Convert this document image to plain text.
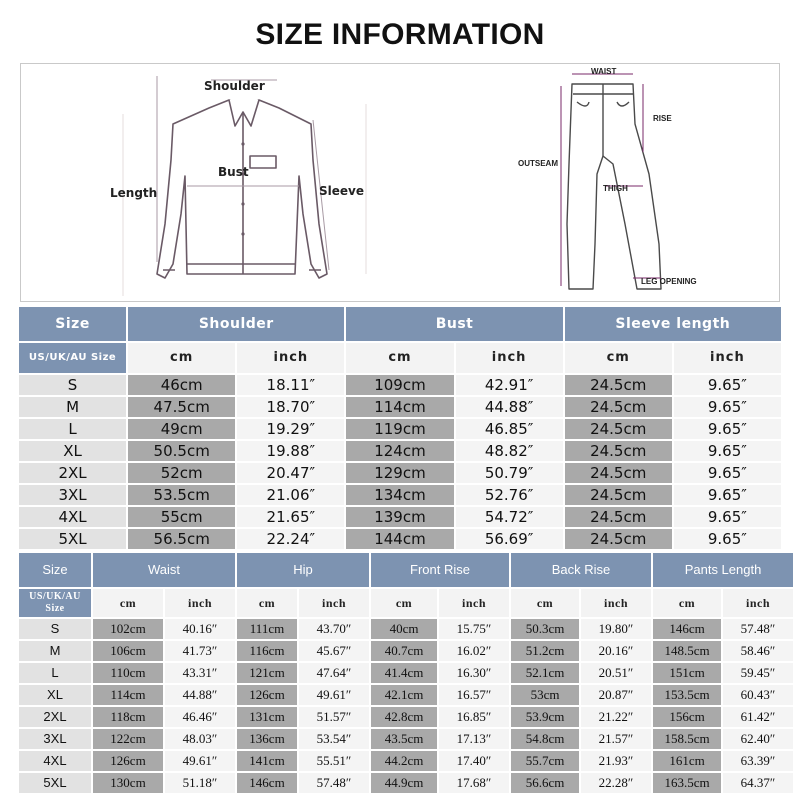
SIZE INFORMATION
Shoulder
Bust
Length	Sleeve
WAIST
RISE
OUTSEAM
THIGH
LEG OPENING
Size	Shoulder		Bust		Sleeve length	
US/UK/AU Size	cm	inch	cm	inch	cm	inch
S	46cm	18.11″	109cm	42.91″	24.5cm	9.65″
M	47.5cm	18.70″	114cm	44.88″	24.5cm	9.65″
L	49cm	19.29″	119cm	46.85″	24.5cm	9.65″
XL	50.5cm	19.88″	124cm	48.82″	24.5cm	9.65″
2XL	52cm	20.47″	129cm	50.79″	24.5cm	9.65″
3XL	53.5cm	21.06″	134cm	52.76″	24.5cm	9.65″
4XL	55cm	21.65″	139cm	54.72″	24.5cm	9.65″
5XL	56.5cm	22.24″	144cm	56.69″	24.5cm	9.65″
Size	Waist		Hip		Front Rise		Back Rise		Pants Length	
US/UK/AU Size	cm	inch	cm	inch	cm	inch	cm	inch	cm	inch
S	102cm	40.16″	111cm	43.70″	40cm	15.75″	50.3cm	19.80″	146cm	57.48″
M	106cm	41.73″	116cm	45.67″	40.7cm	16.02″	51.2cm	20.16″	148.5cm	58.46″
L	110cm	43.31″	121cm	47.64″	41.4cm	16.30″	52.1cm	20.51″	151cm	59.45″
XL	114cm	44.88″	126cm	49.61″	42.1cm	16.57″	53cm	20.87″	153.5cm	60.43″
2XL	118cm	46.46″	131cm	51.57″	42.8cm	16.85″	53.9cm	21.22″	156cm	61.42″
3XL	122cm	48.03″	136cm	53.54″	43.5cm	17.13″	54.8cm	21.57″	158.5cm	62.40″
4XL	126cm	49.61″	141cm	55.51″	44.2cm	17.40″	55.7cm	21.93″	161cm	63.39″
5XL	130cm	51.18″	146cm	57.48″	44.9cm	17.68″	56.6cm	22.28″	163.5cm	64.37″
